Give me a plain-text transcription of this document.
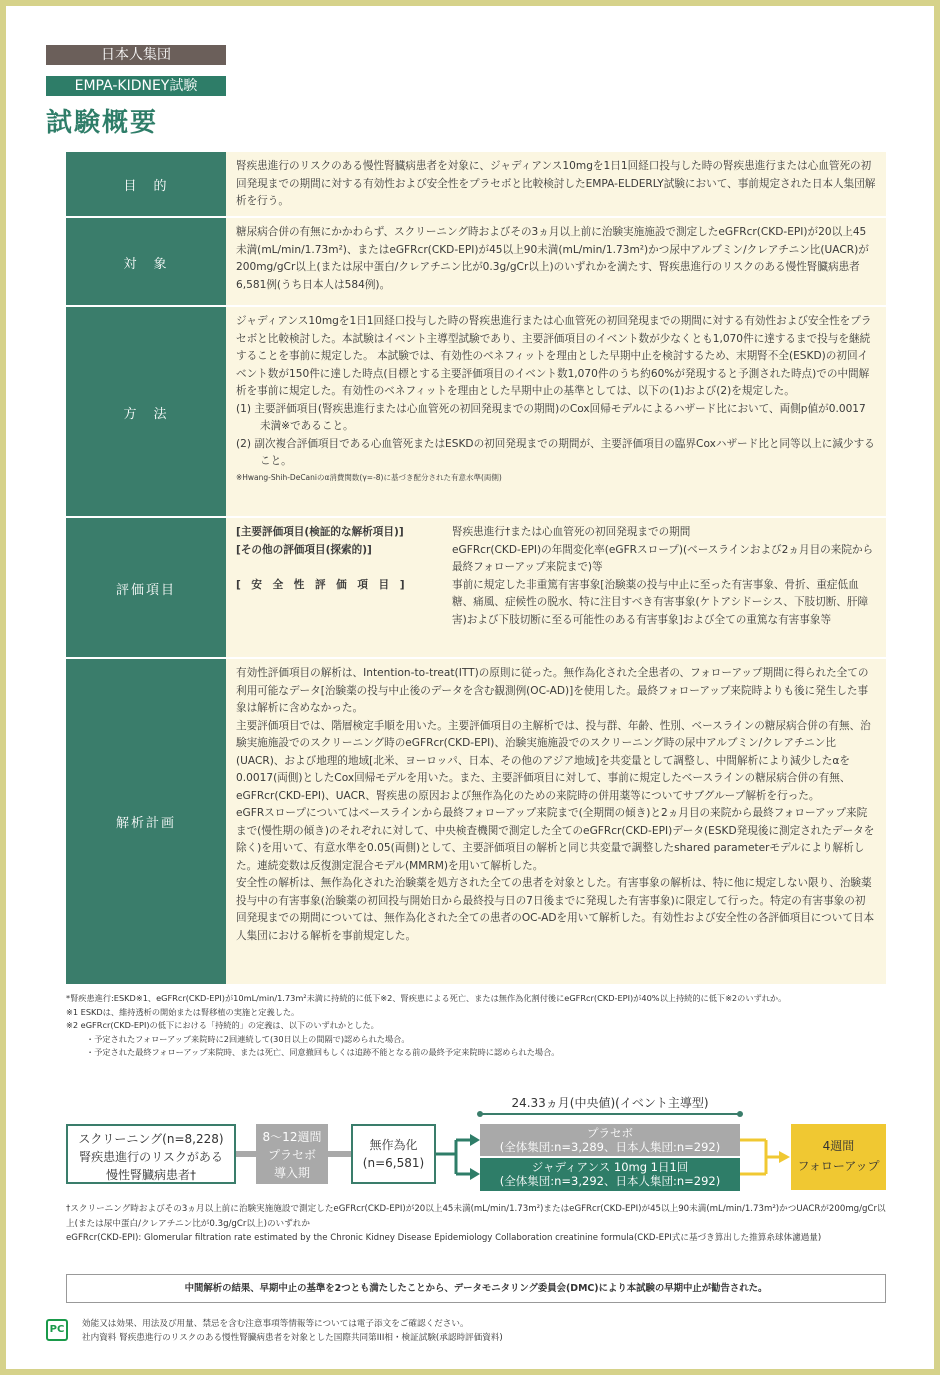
日本人集団
EMPA-KIDNEY試験
試験概要
目　的

腎疾患進行のリスクのある慢性腎臓病患者を対象に、ジャディアンス10mgを1日1回経口投与した時の腎疾患進行または心血管死の初回発現までの期間に対する有効性および安全性をプラセボと比較検討したEMPA-ELDERLY試験において、事前規定された日本人集団解析を行う。

対　象

糖尿病合併の有無にかかわらず、スクリーニング時およびその3ヵ月以上前に治験実施施設で測定したeGFRcr(CKD-EPI)が20以上45未満(mL/min/1.73m²)、またはeGFRcr(CKD-EPI)が45以上90未満(mL/min/1.73m²)かつ尿中アルブミン/クレアチニン比(UACR)が200mg/gCr以上(または尿中蛋白/クレアチニン比が0.3g/gCr以上)のいずれかを満たす、腎疾患進行のリスクのある慢性腎臓病患者6,581例(うち日本人は584例)。

方　法

ジャディアンス10mgを1日1回経口投与した時の腎疾患進行または心血管死の初回発現までの期間に対する有効性および安全性をプラセボと比較検討した。本試験はイベント主導型試験であり、主要評価項目のイベント数が少なくとも1,070件に達するまで投与を継続することを事前に規定した。 本試験では、有効性のベネフィットを理由とした早期中止を検討するため、末期腎不全(ESKD)の初回イベント数が150件に達した時点(目標とする主要評価項目のイベント数1,070件のうち約60%が発現すると予測された時点)での中間解析を事前に規定した。有効性のベネフィットを理由とした早期中止の基準としては、以下の(1)および(2)を規定した。

(1) 主要評価項目(腎疾患進行または心血管死の初回発現までの期間)のCox回帰モデルによるハザード比において、両側p値が0.0017未満※であること。

(2) 副次複合評価項目である心血管死またはESKDの初回発現までの期間が、主要評価項目の臨界Coxハザード比と同等以上に減少すること。

※Hwang-Shih-DeCaniのα消費関数(γ=-8)に基づき配分された有意水準(両側)

評価項目
[主要評価項目(検証的な解析項目)]	腎疾患進行†または心血管死の初回発現までの期間
[その他の評価項目(探索的)]	eGFRcr(CKD-EPI)の年間変化率(eGFRスロープ)(ベースラインおよび2ヵ月目の来院から最終フォローアップ来院まで)等
[　安　全　性　評　価　項　目　]	事前に規定した非重篤有害事象[治験薬の投与中止に至った有害事象、骨折、重症低血糖、痛風、症候性の脱水、特に注目すべき有害事象(ケトアシドーシス、下肢切断、肝障害)および下肢切断に至る可能性のある有害事象]および全ての重篤な有害事象等
解析計画

有効性評価項目の解析は、Intention-to-treat(ITT)の原則に従った。無作為化された全患者の、フォローアップ期間に得られた全ての利用可能なデータ[治験薬の投与中止後のデータを含む観測例(OC-AD)]を使用した。最終フォローアップ来院時よりも後に発生した事象は解析に含めなかった。

主要評価項目では、階層検定手順を用いた。主要評価項目の主解析では、投与群、年齢、性別、ベースラインの糖尿病合併の有無、治験実施施設でのスクリーニング時のeGFRcr(CKD-EPI)、治験実施施設でのスクリーニング時の尿中アルブミン/クレアチニン比(UACR)、および地理的地域[北米、ヨーロッパ、日本、その他のアジア地域]を共変量として調整し、中間解析により減少したαを0.0017(両側)としたCox回帰モデルを用いた。また、主要評価項目に対して、事前に規定したベースラインの糖尿病合併の有無、eGFRcr(CKD-EPI)、UACR、腎疾患の原因および無作為化のための来院時の併用薬等についてサブグループ解析を行った。

eGFRスロープについてはベースラインから最終フォローアップ来院まで(全期間の傾き)と2ヵ月目の来院から最終フォローアップ来院まで(慢性期の傾き)のそれぞれに対して、中央検査機関で測定した全てのeGFRcr(CKD-EPI)データ(ESKD発現後に測定されたデータを除く)を用いて、有意水準を0.05(両側)として、主要評価項目の解析と同じ共変量で調整したshared parameterモデルにより解析した。連続変数は反復測定混合モデル(MMRM)を用いて解析した。

安全性の解析は、無作為化された治験薬を処方された全ての患者を対象とした。有害事象の解析は、特に他に規定しない限り、治験薬投与中の有害事象(治験薬の初回投与開始日から最終投与日の7日後までに発現した有害事象)に限定して行った。特定の有害事象の初回発現までの期間については、無作為化された全ての患者のOC-ADを用いて解析した。有効性および安全性の各評価項目について日本人集団における解析を事前規定した。

*腎疾患進行:ESKD※1、eGFRcr(CKD-EPI)が10mL/min/1.73m²未満に持続的に低下※2、腎疾患による死亡、または無作為化割付後にeGFRcr(CKD-EPI)が40%以上持続的に低下※2のいずれか。

※1 ESKDは、維持透析の開始または腎移植の実施と定義した。

※2 eGFRcr(CKD-EPI)の低下における「持続的」の定義は、以下のいずれかとした。

・予定されたフォローアップ来院時に2回連続して(30日以上の間隔で)認められた場合。

・予定された最終フォローアップ来院時、または死亡、同意撤回もしくは追跡不能となる前の最終予定来院時に認められた場合。

24.33ヵ月(中央値)(イベント主導型)
スクリーニング(n=8,228)
腎疾患進行のリスクがある
慢性腎臓病患者†
8〜12週間
プラセボ
導入期
無作為化
(n=6,581)
プラセボ
(全体集団:n=3,289、日本人集団:n=292)
ジャディアンス 10mg 1日1回
(全体集団:n=3,292、日本人集団:n=292)
4週間
フォローアップ

†スクリーニング時およびその3ヵ月以上前に治験実施施設で測定したeGFRcr(CKD-EPI)が20以上45未満(mL/min/1.73m²)またはeGFRcr(CKD-EPI)が45以上90未満(mL/min/1.73m²)かつUACRが200mg/gCr以上(または尿中蛋白/クレアチニン比が0.3g/gCr以上)のいずれか

eGFRcr(CKD-EPI): Glomerular filtration rate estimated by the Chronic Kidney Disease Epidemiology Collaboration creatinine formula(CKD-EPI式に基づき算出した推算糸球体濾過量)

中間解析の結果、早期中止の基準を2つとも満たしたことから、データモニタリング委員会(DMC)により本試験の早期中止が勧告された。
PC	効能又は効果、用法及び用量、禁忌を含む注意事項等情報等については電子添文をご確認ください。

社内資料 腎疾患進行のリスクのある慢性腎臓病患者を対象とした国際共同第III相・検証試験(承認時評価資料)
